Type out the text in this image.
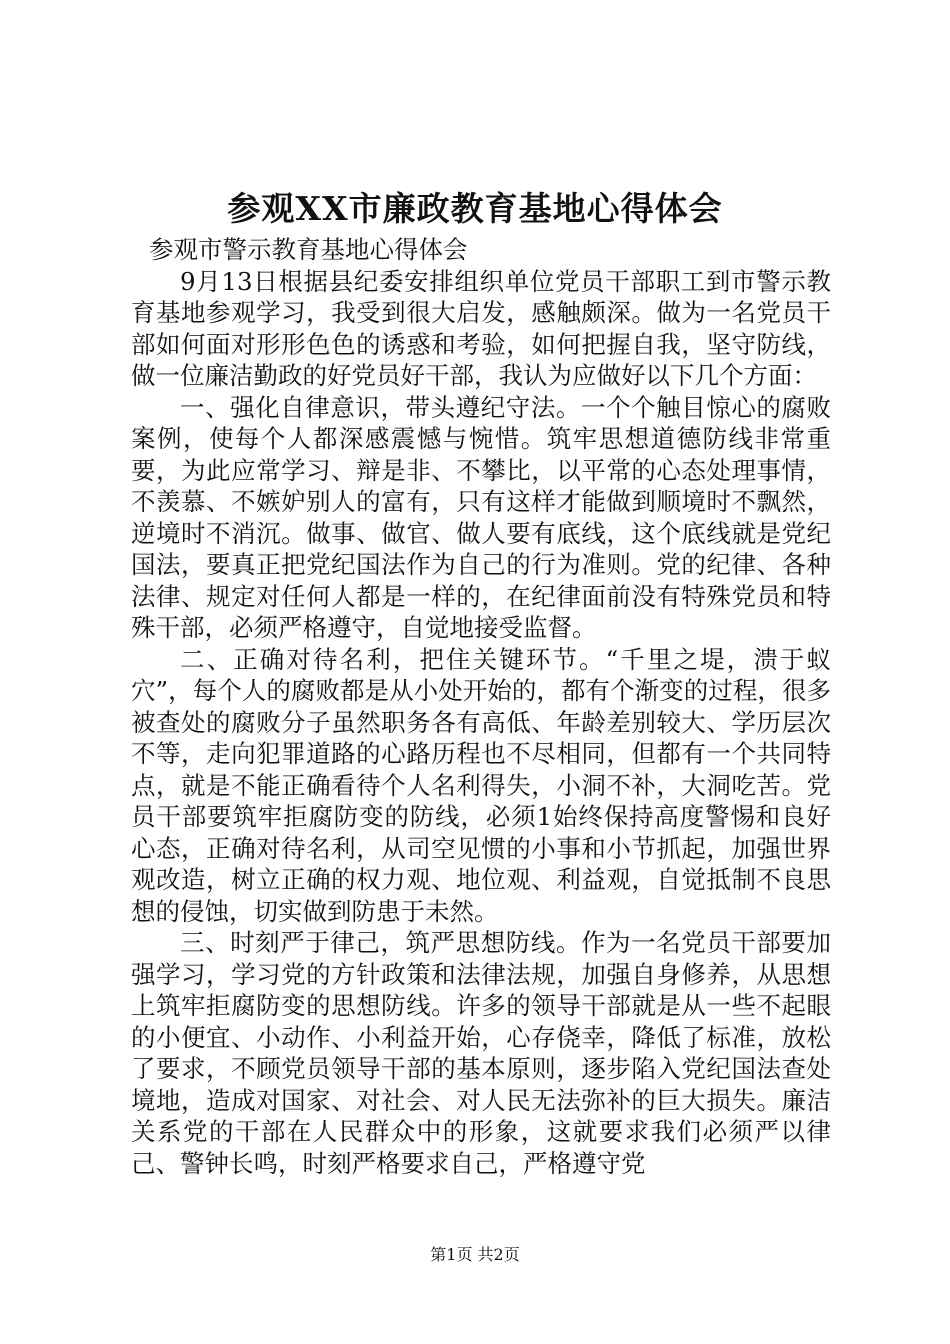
参观XX市廉政教育基地心得体会

参观市警示教育基地心得体会

9月13日根据县纪委安排组织单位党员干部职工到市警示教育基地参观学习，我受到很大启发，感触颇深。做为一名党员干部如何面对形形色色的诱惑和考验，如何把握自我，坚守防线，做一位廉洁勤政的好党员好干部，我认为应做好以下几个方面：

一、强化自律意识，带头遵纪守法。一个个触目惊心的腐败案例，使每个人都深感震憾与惋惜。筑牢思想道德防线非常重要，为此应常学习、辩是非、不攀比，以平常的心态处理事情，不羡慕、不嫉妒别人的富有，只有这样才能做到顺境时不飘然，逆境时不消沉。做事、做官、做人要有底线，这个底线就是党纪国法，要真正把党纪国法作为自己的行为准则。党的纪律、各种法律、规定对任何人都是一样的，在纪律面前没有特殊党员和特殊干部，必须严格遵守，自觉地接受监督。

二、正确对待名利，把住关键环节。“千里之堤，溃于蚁穴”，每个人的腐败都是从小处开始的，都有个渐变的过程，很多被查处的腐败分子虽然职务各有高低、年龄差别较大、学历层次不等，走向犯罪道路的心路历程也不尽相同，但都有一个共同特点，就是不能正确看待个人名利得失，小洞不补，大洞吃苦。党员干部要筑牢拒腐防变的防线，必须1始终保持高度警惕和良好心态，正确对待名利，从司空见惯的小事和小节抓起，加强世界观改造，树立正确的权力观、地位观、利益观，自觉抵制不良思想的侵蚀，切实做到防患于未然。

三、时刻严于律己，筑严思想防线。作为一名党员干部要加强学习，学习党的方针政策和法律法规，加强自身修养，从思想上筑牢拒腐防变的思想防线。许多的领导干部就是从一些不起眼的小便宜、小动作、小利益开始，心存侥幸，降低了标准，放松了要求，不顾党员领导干部的基本原则，逐步陷入党纪国法查处境地，造成对国家、对社会、对人民无法弥补的巨大损失。廉洁关系党的干部在人民群众中的形象，这就要求我们必须严以律己、警钟长鸣，时刻严格要求自己，严格遵守党

第1页 共2页
